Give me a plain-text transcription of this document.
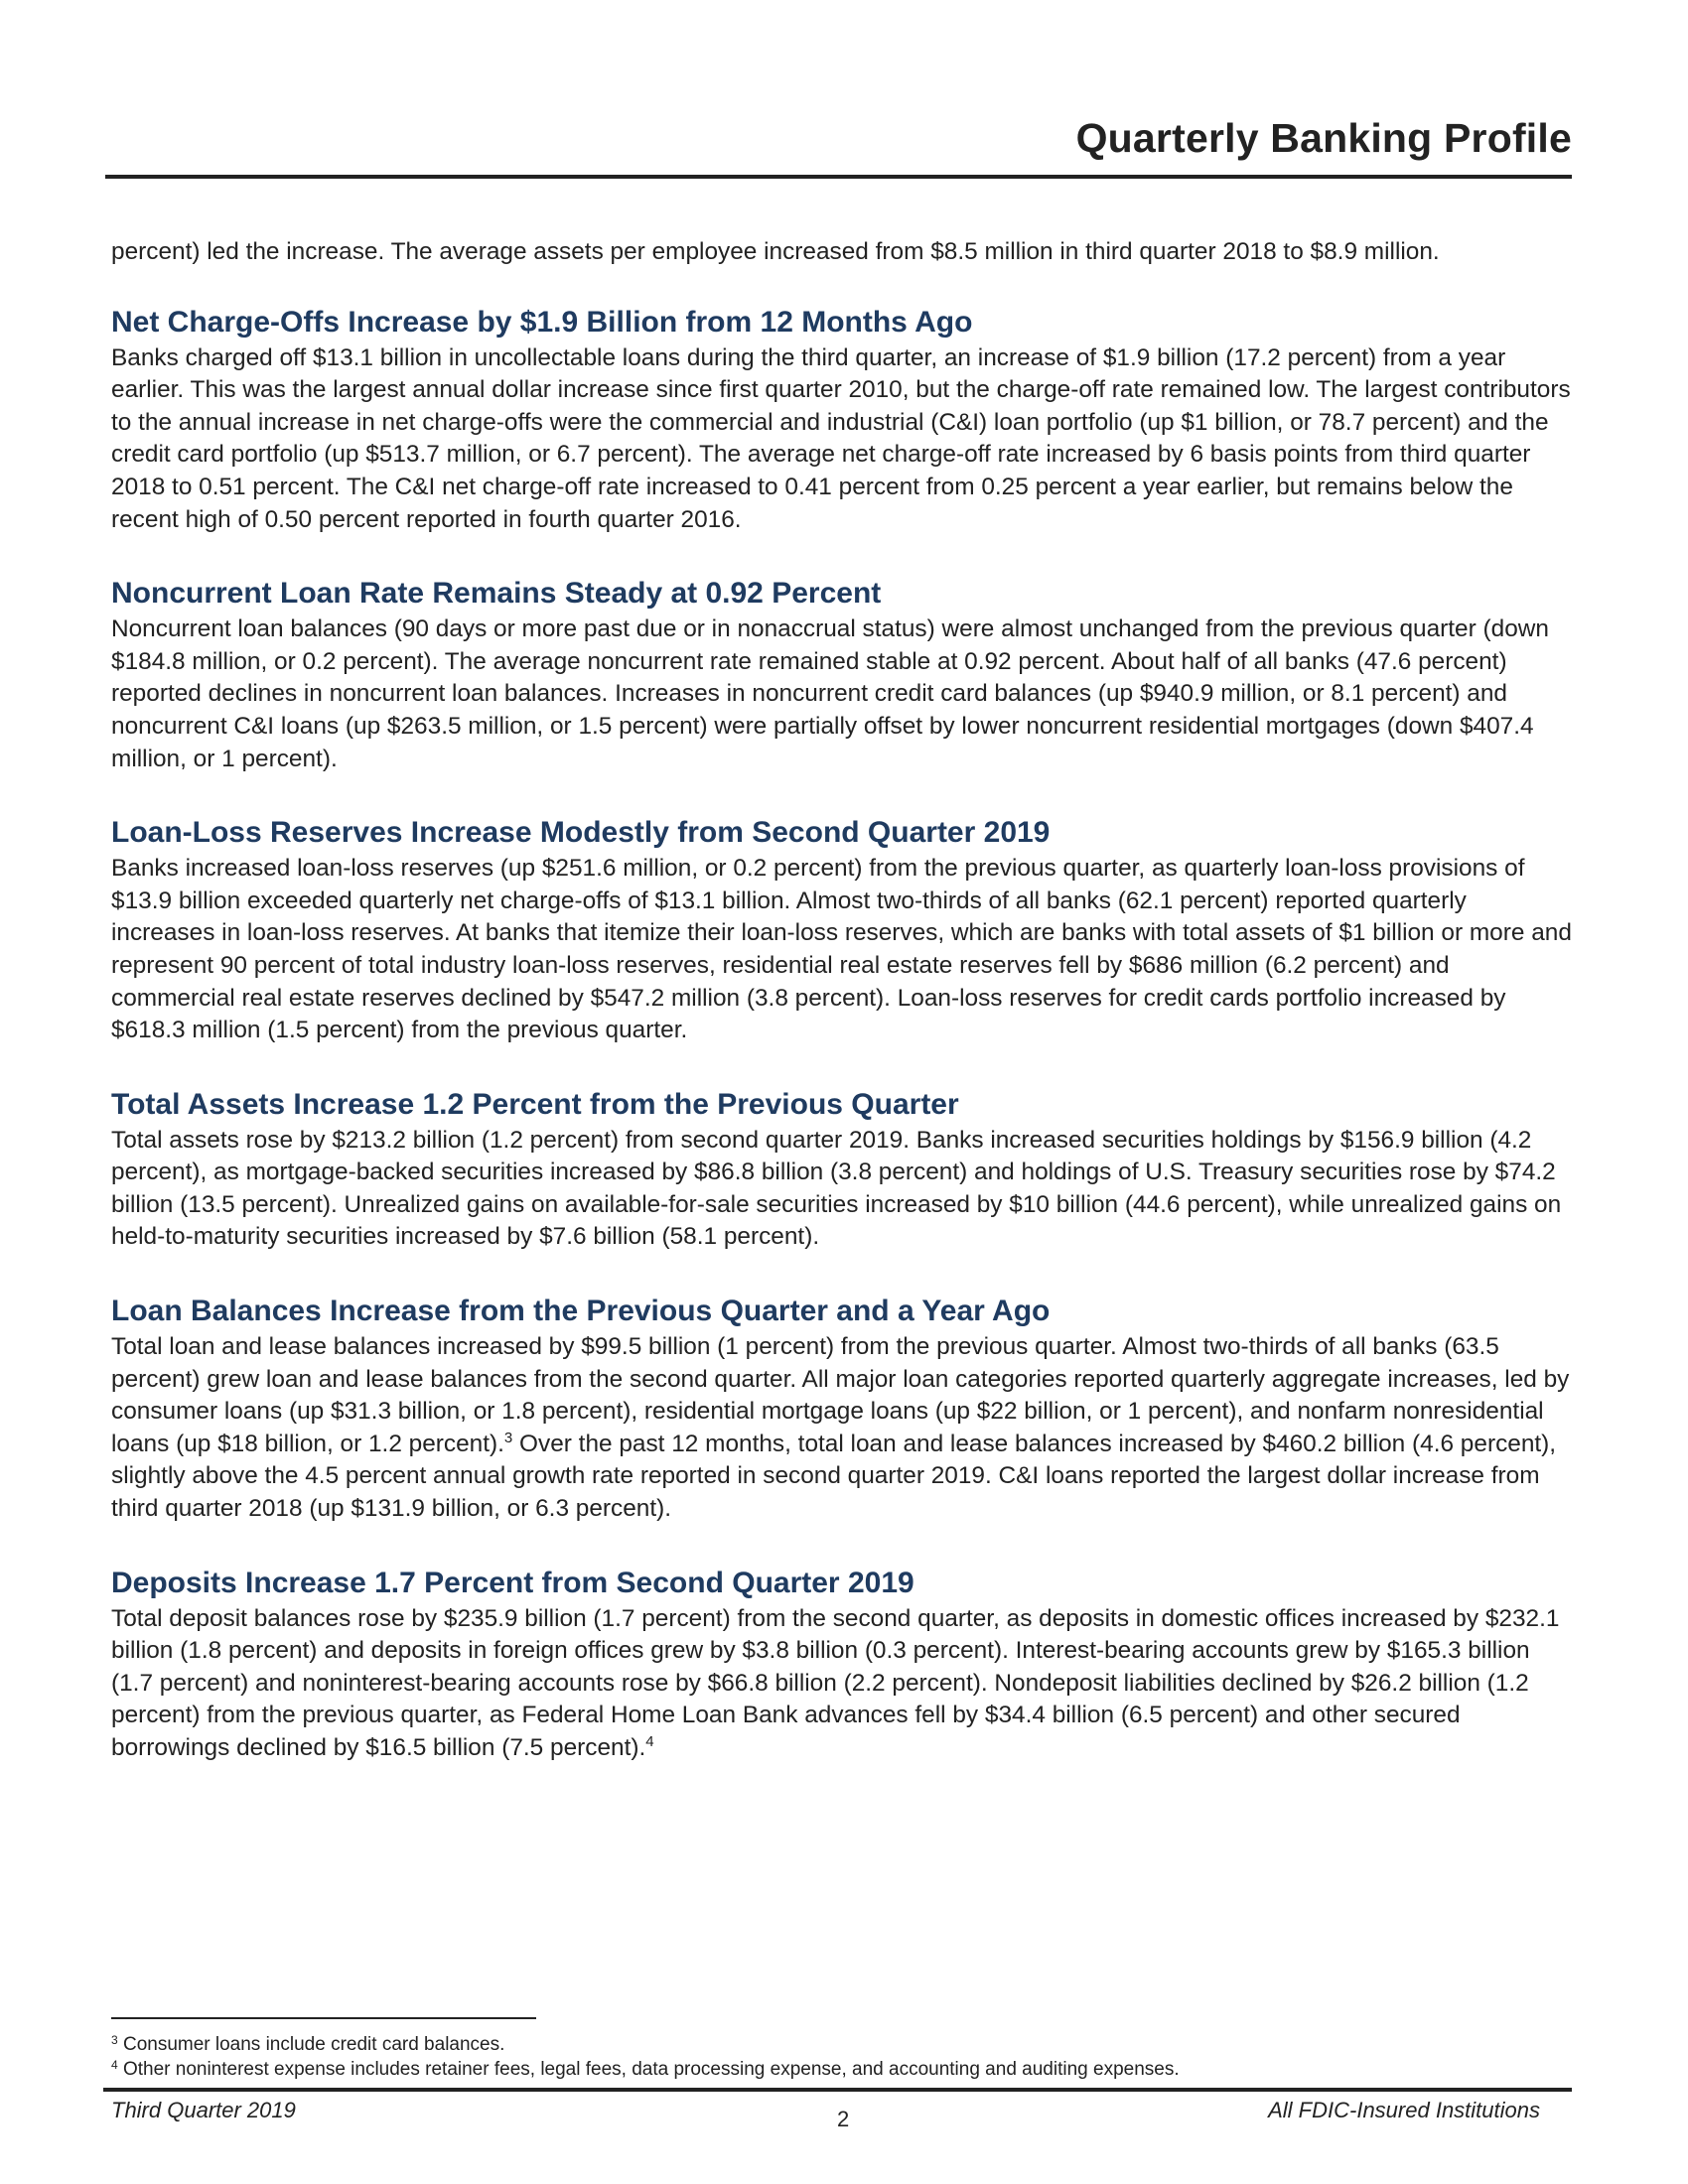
Quarterly Banking Profile

percent) led the increase. The average assets per employee increased from $8.5 million in third quarter 2018 to $8.9 million.

Net Charge-Offs Increase by $1.9 Billion from 12 Months Ago

Banks charged off $13.1 billion in uncollectable loans during the third quarter, an increase of $1.9 billion (17.2 percent) from a year earlier. This was the largest annual dollar increase since first quarter 2010, but the charge-off rate remained low. The largest contributors to the annual increase in net charge-offs were the commercial and industrial (C&I) loan portfolio (up $1 billion, or 78.7 percent) and the credit card portfolio (up $513.7 million, or 6.7 percent). The average net charge-off rate increased by 6 basis points from third quarter 2018 to 0.51 percent. The C&I net charge-off rate increased to 0.41 percent from 0.25 percent a year earlier, but remains below the recent high of 0.50 percent reported in fourth quarter 2016.

Noncurrent Loan Rate Remains Steady at 0.92 Percent

Noncurrent loan balances (90 days or more past due or in nonaccrual status) were almost unchanged from the previous quarter (down $184.8 million, or 0.2 percent). The average noncurrent rate remained stable at 0.92 percent. About half of all banks (47.6 percent) reported declines in noncurrent loan balances. Increases in noncurrent credit card balances (up $940.9 million, or 8.1 percent) and noncurrent C&I loans (up $263.5 million, or 1.5 percent) were partially offset by lower noncurrent residential mortgages (down $407.4 million, or 1 percent).

Loan-Loss Reserves Increase Modestly from Second Quarter 2019

Banks increased loan-loss reserves (up $251.6 million, or 0.2 percent) from the previous quarter, as quarterly loan-loss provisions of $13.9 billion exceeded quarterly net charge-offs of $13.1 billion. Almost two-thirds of all banks (62.1 percent) reported quarterly increases in loan-loss reserves. At banks that itemize their loan-loss reserves, which are banks with total assets of $1 billion or more and represent 90 percent of total industry loan-loss reserves, residential real estate reserves fell by $686 million (6.2 percent) and commercial real estate reserves declined by $547.2 million (3.8 percent). Loan-loss reserves for credit cards portfolio increased by $618.3 million (1.5 percent) from the previous quarter.

Total Assets Increase 1.2 Percent from the Previous Quarter

Total assets rose by $213.2 billion (1.2 percent) from second quarter 2019. Banks increased securities holdings by $156.9 billion (4.2 percent), as mortgage-backed securities increased by $86.8 billion (3.8 percent) and holdings of U.S. Treasury securities rose by $74.2 billion (13.5 percent). Unrealized gains on available-for-sale securities increased by $10 billion (44.6 percent), while unrealized gains on held-to-maturity securities increased by $7.6 billion (58.1 percent).

Loan Balances Increase from the Previous Quarter and a Year Ago

Total loan and lease balances increased by $99.5 billion (1 percent) from the previous quarter. Almost two-thirds of all banks (63.5 percent) grew loan and lease balances from the second quarter. All major loan categories reported quarterly aggregate increases, led by consumer loans (up $31.3 billion, or 1.8 percent), residential mortgage loans (up $22 billion, or 1 percent), and nonfarm nonresidential loans (up $18 billion, or 1.2 percent).$^3$ Over the past 12 months, total loan and lease balances increased by $460.2 billion (4.6 percent), slightly above the 4.5 percent annual growth rate reported in second quarter 2019. C&I loans reported the largest dollar increase from third quarter 2018 (up $131.9 billion, or 6.3 percent).

Deposits Increase 1.7 Percent from Second Quarter 2019

Total deposit balances rose by $235.9 billion (1.7 percent) from the second quarter, as deposits in domestic offices increased by $232.1 billion (1.8 percent) and deposits in foreign offices grew by $3.8 billion (0.3 percent). Interest-bearing accounts grew by $165.3 billion (1.7 percent) and noninterest-bearing accounts rose by $66.8 billion (2.2 percent). Nondeposit liabilities declined by $26.2 billion (1.2 percent) from the previous quarter, as Federal Home Loan Bank advances fell by $34.4 billion (6.5 percent) and other secured borrowings declined by $16.5 billion (7.5 percent).$^4$

$^3$ Consumer loans include credit card balances.
$^4$ Other noninterest expense includes retainer fees, legal fees, data processing expense, and accounting and auditing expenses.
Third Quarter 2019	2	All FDIC-Insured Institutions
